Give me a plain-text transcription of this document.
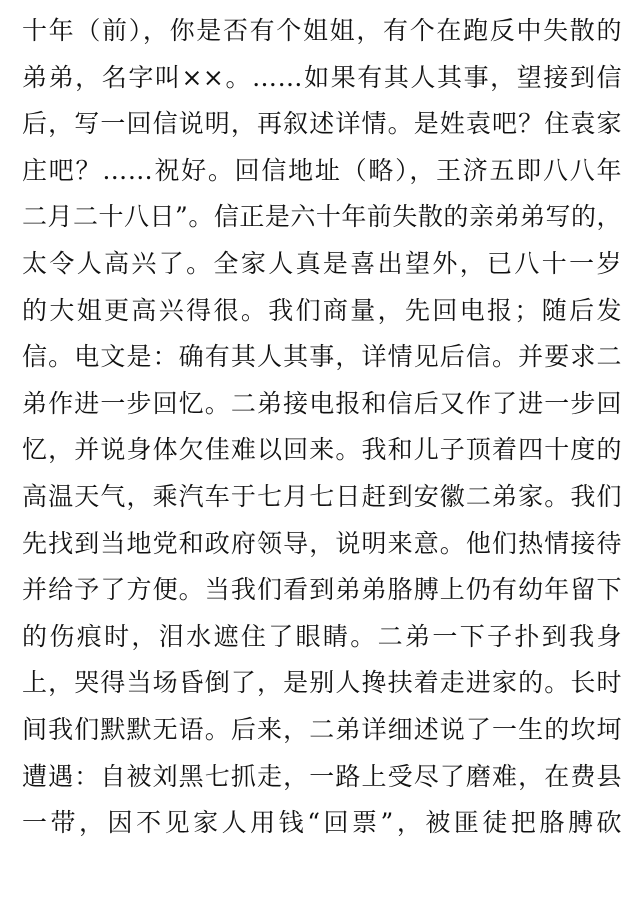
十年（前），你是否有个姐姐，有个在跑反中失散的
弟弟，名字叫××。……如果有其人其事，望接到信
后，写一回信说明，再叙述详情。是姓袁吧？住袁家
庄吧？……祝好。回信地址（略），王济五即八八年
二月二十八日”。信正是六十年前失散的亲弟弟写的，
太令人高兴了。全家人真是喜出望外，已八十一岁
的大姐更高兴得很。我们商量，先回电报；随后发
信。电文是：确有其人其事，详情见后信。并要求二
弟作进一步回忆。二弟接电报和信后又作了进一步回
忆，并说身体欠佳难以回来。我和儿子顶着四十度的
高温天气，乘汽车于七月七日赶到安徽二弟家。我们
先找到当地党和政府领导，说明来意。他们热情接待
并给予了方便。当我们看到弟弟胳膊上仍有幼年留下
的伤痕时，泪水遮住了眼睛。二弟一下子扑到我身
上，哭得当场昏倒了，是别人搀扶着走进家的。长时
间我们默默无语。后来，二弟详细述说了一生的坎坷
遭遇：自被刘黑七抓走，一路上受尽了磨难，在费县
一带，因不见家人用钱“回票”，被匪徒把胳膊砍
